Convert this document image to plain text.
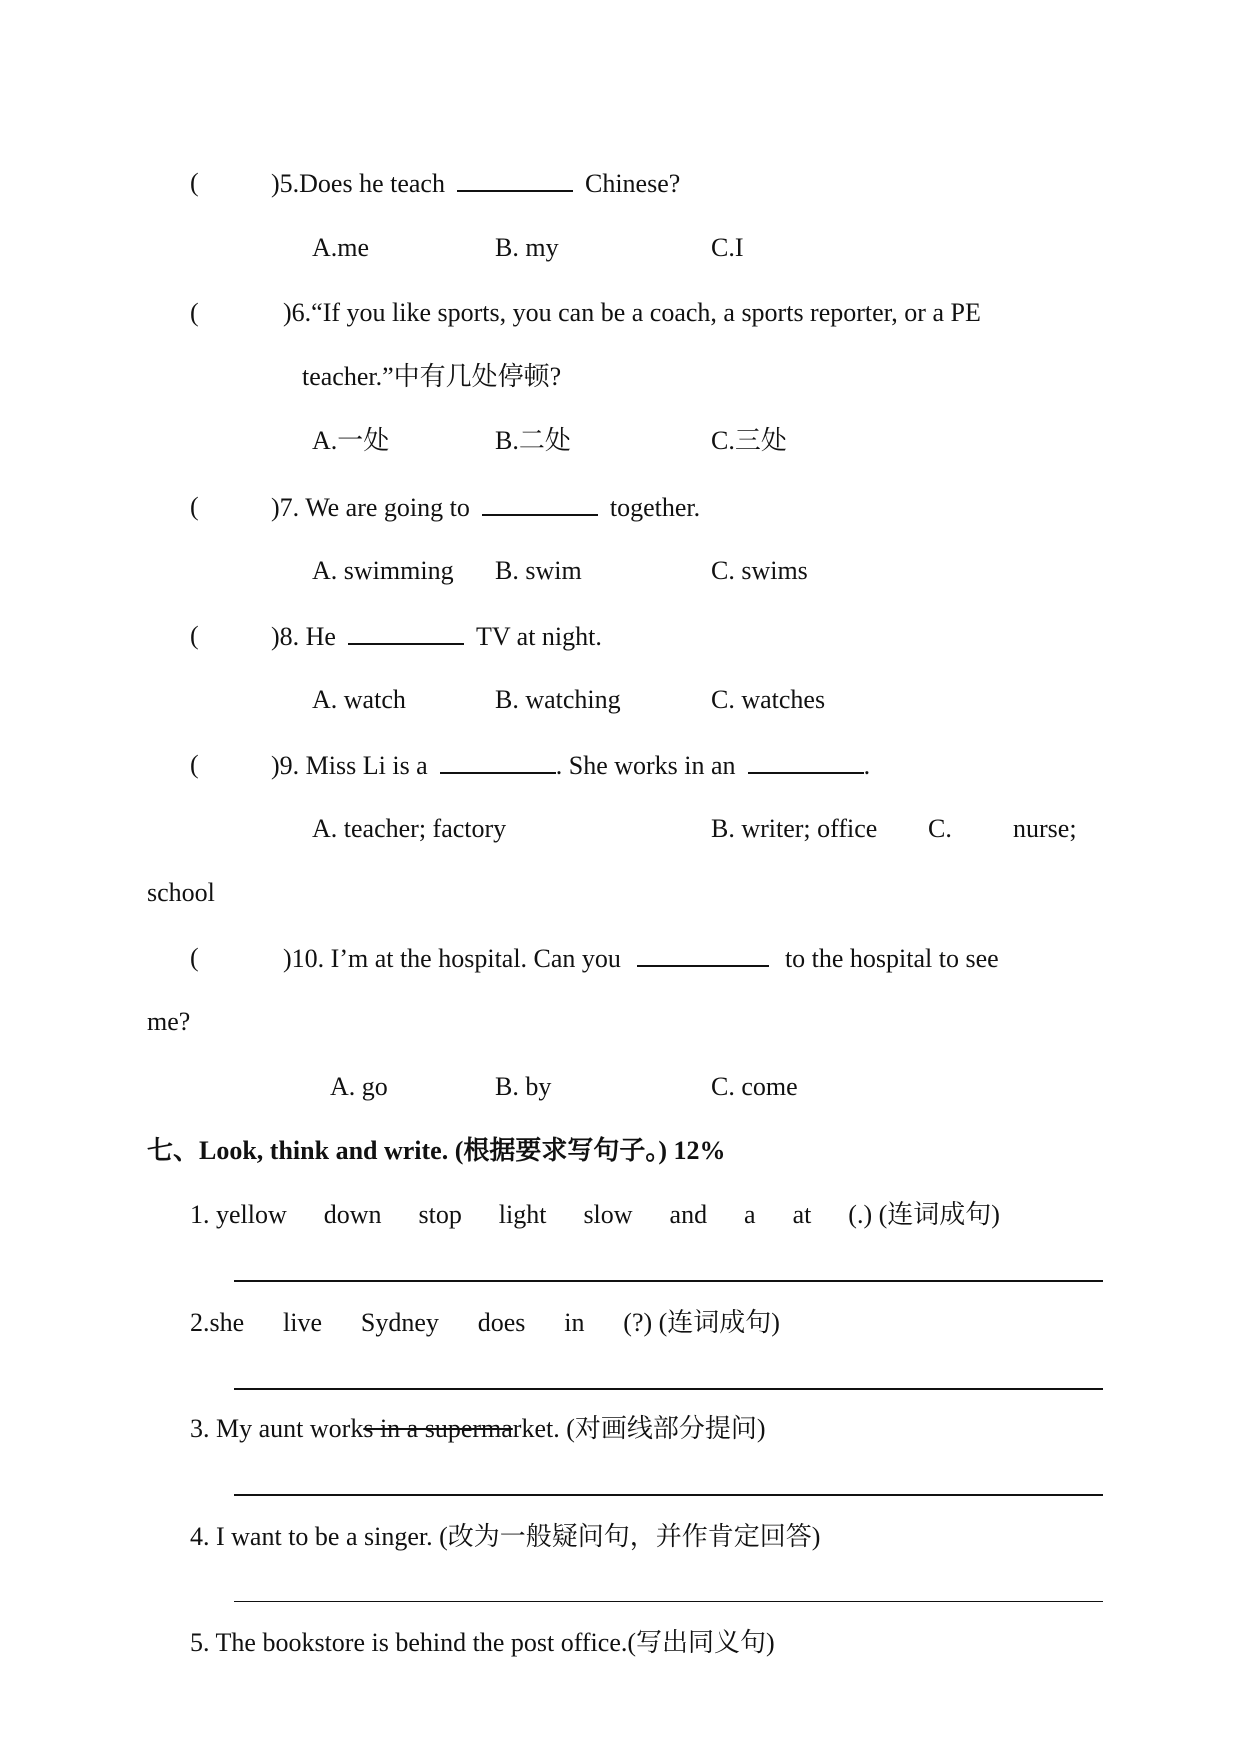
(	)5.Does he teach	Chinese?
A.me	B. my	C.I
(	)6.“If you like sports, you can be a coach, a sports reporter, or a PE
teacher.”中有几处停顿?
A.一处	B.二处	C.三处
(	)7. We are going to	together.
A. swimming B. swim	C. swims
(	)8. He	TV at night.
A. watch	B. watching	C. watches
(	)9. Miss Li is a	. She works in an	.
A. teacher; factory	B. writer; office C. nurse;
school
(	)10. I’m at the hospital. Can you	to the hospital to see
me?
A. go	B. by	C. come
七、Look, think and write. (根据要求写句子。) 12%
1. yellow down stop light slow and a at (.) (连词成句)
2.she live Sydney does in (?) (连词成句)
3. My aunt works in a supermarket. (对画线部分提问)
4. I want to be a singer. (改为一般疑问句，并作肯定回答)
5. The bookstore is behind the post office.(写出同义句)
